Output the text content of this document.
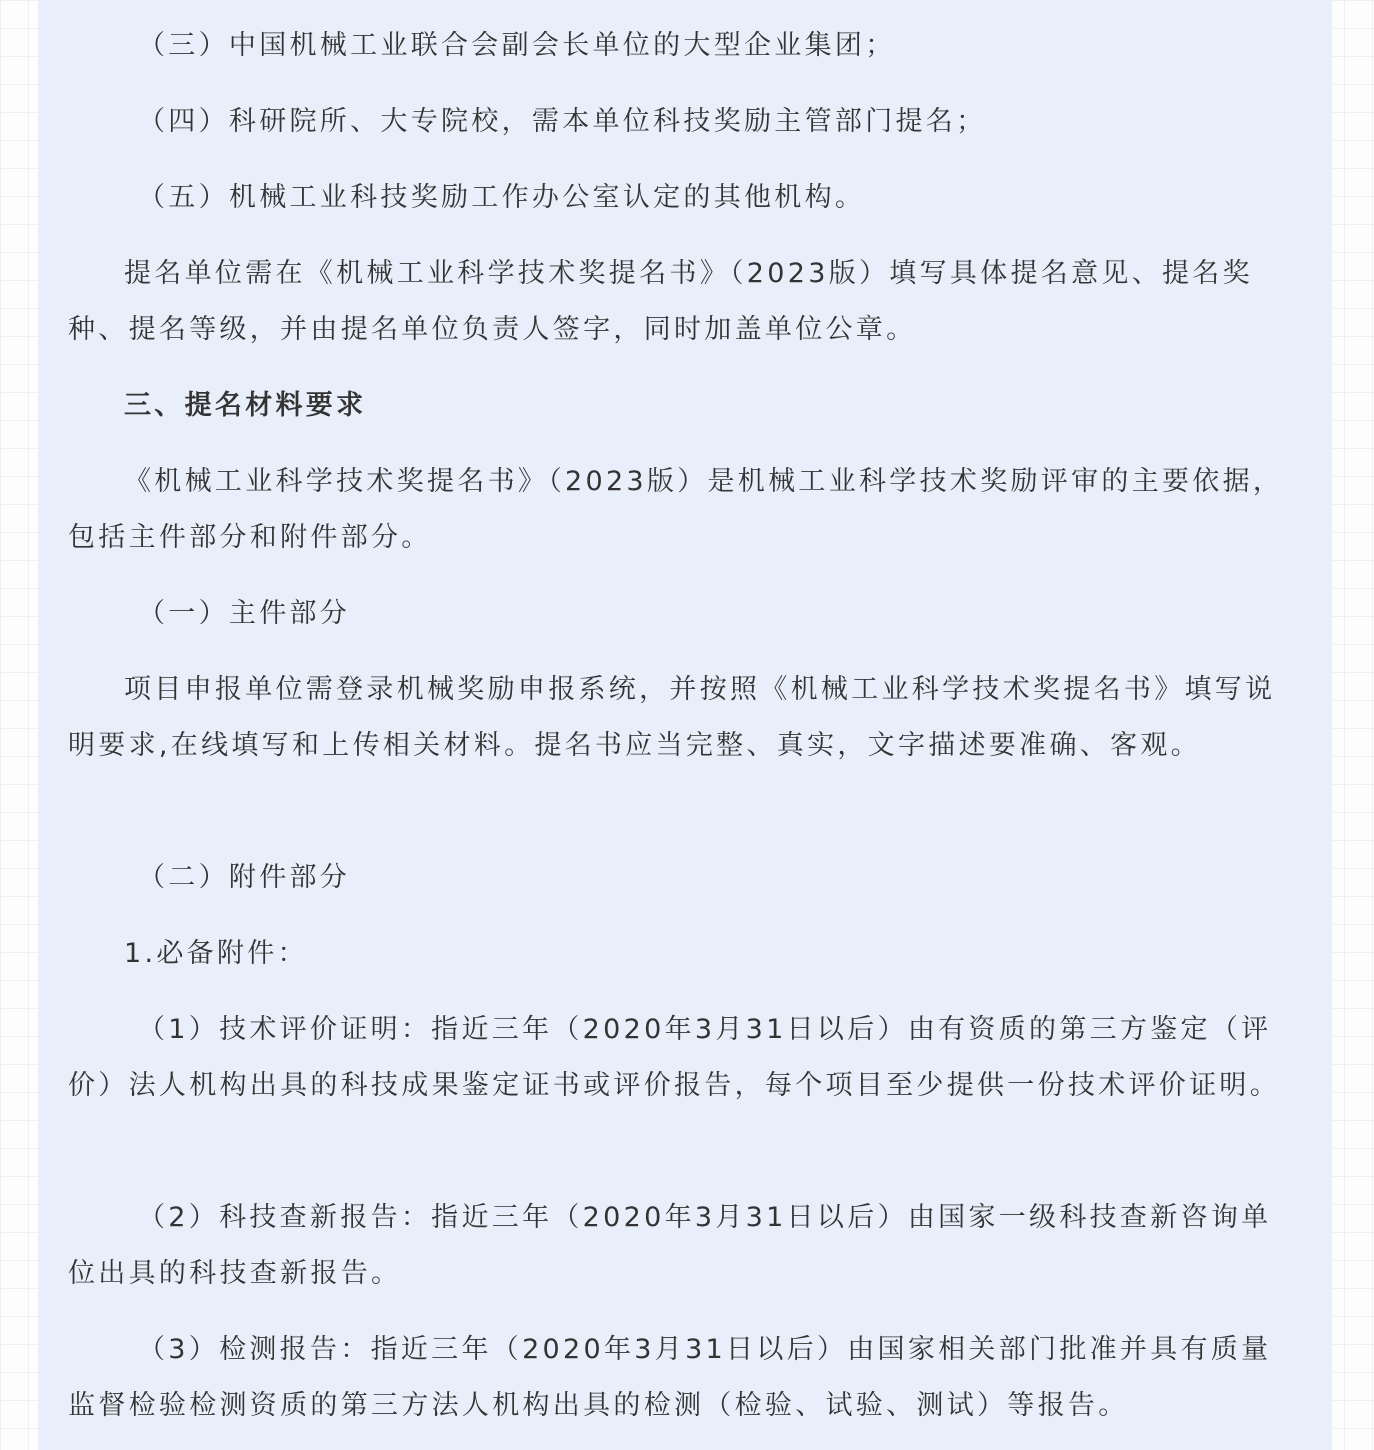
（三）中国机械工业联合会副会长单位的大型企业集团；

（四）科研院所、大专院校，需本单位科技奖励主管部门提名；

（五）机械工业科技奖励工作办公室认定的其他机构。

提名单位需在《机械工业科学技术奖提名书》（2023版）填写具体提名意见、提名奖种、提名等级，并由提名单位负责人签字，同时加盖单位公章。

三、提名材料要求

《机械工业科学技术奖提名书》（2023版）是机械工业科学技术奖励评审的主要依据，包括主件部分和附件部分。

（一）主件部分

项目申报单位需登录机械奖励申报系统，并按照《机械工业科学技术奖提名书》填写说明要求,在线填写和上传相关材料。提名书应当完整、真实，文字描述要准确、客观。

（二）附件部分

1.必备附件：

（1）技术评价证明：指近三年（2020年3月31日以后）由有资质的第三方鉴定（评价）法人机构出具的科技成果鉴定证书或评价报告，每个项目至少提供一份技术评价证明。

（2）科技查新报告：指近三年（2020年3月31日以后）由国家一级科技查新咨询单位出具的科技查新报告。

（3）检测报告：指近三年（2020年3月31日以后）由国家相关部门批准并具有质量监督检验检测资质的第三方法人机构出具的检测（检验、试验、测试）等报告。
